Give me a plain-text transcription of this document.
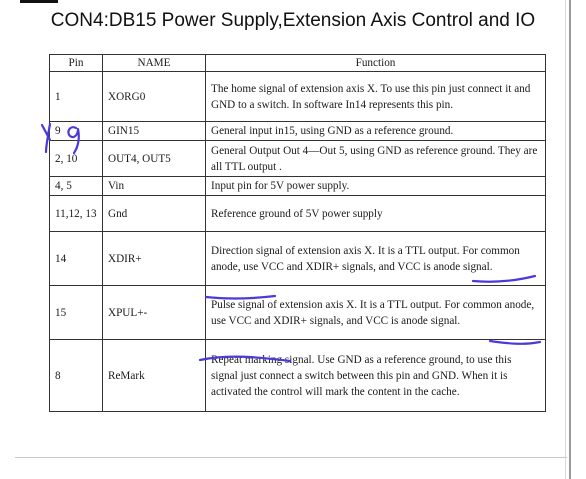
CON4:DB15 Power Supply,Extension Axis Control and IO
Pin	NAME	Function
1	XORG0	The home signal of extension axis X. To use this pin just connect it and GND to a switch. In software In14 represents this pin.
9	GIN15	General input in15, using GND as a reference ground.
2, 10	OUT4, OUT5	General Output Out 4—Out 5, using GND as reference ground. They are all TTL output .
4, 5	Vin	Input pin for 5V power supply.
11,12, 13	Gnd	Reference ground of 5V power supply
14	XDIR+	Direction signal of extension axis X. It is a TTL output. For common anode, use VCC and XDIR+ signals, and VCC is anode signal.
15	XPUL+-	Pulse signal of extension axis X. It is a TTL output. For common anode, use VCC and XDIR+ signals, and VCC is anode signal.
8	ReMark	Repeat marking signal. Use GND as a reference ground, to use this signal just connect a switch between this pin and GND. When it is activated the control will mark the content in the cache.
